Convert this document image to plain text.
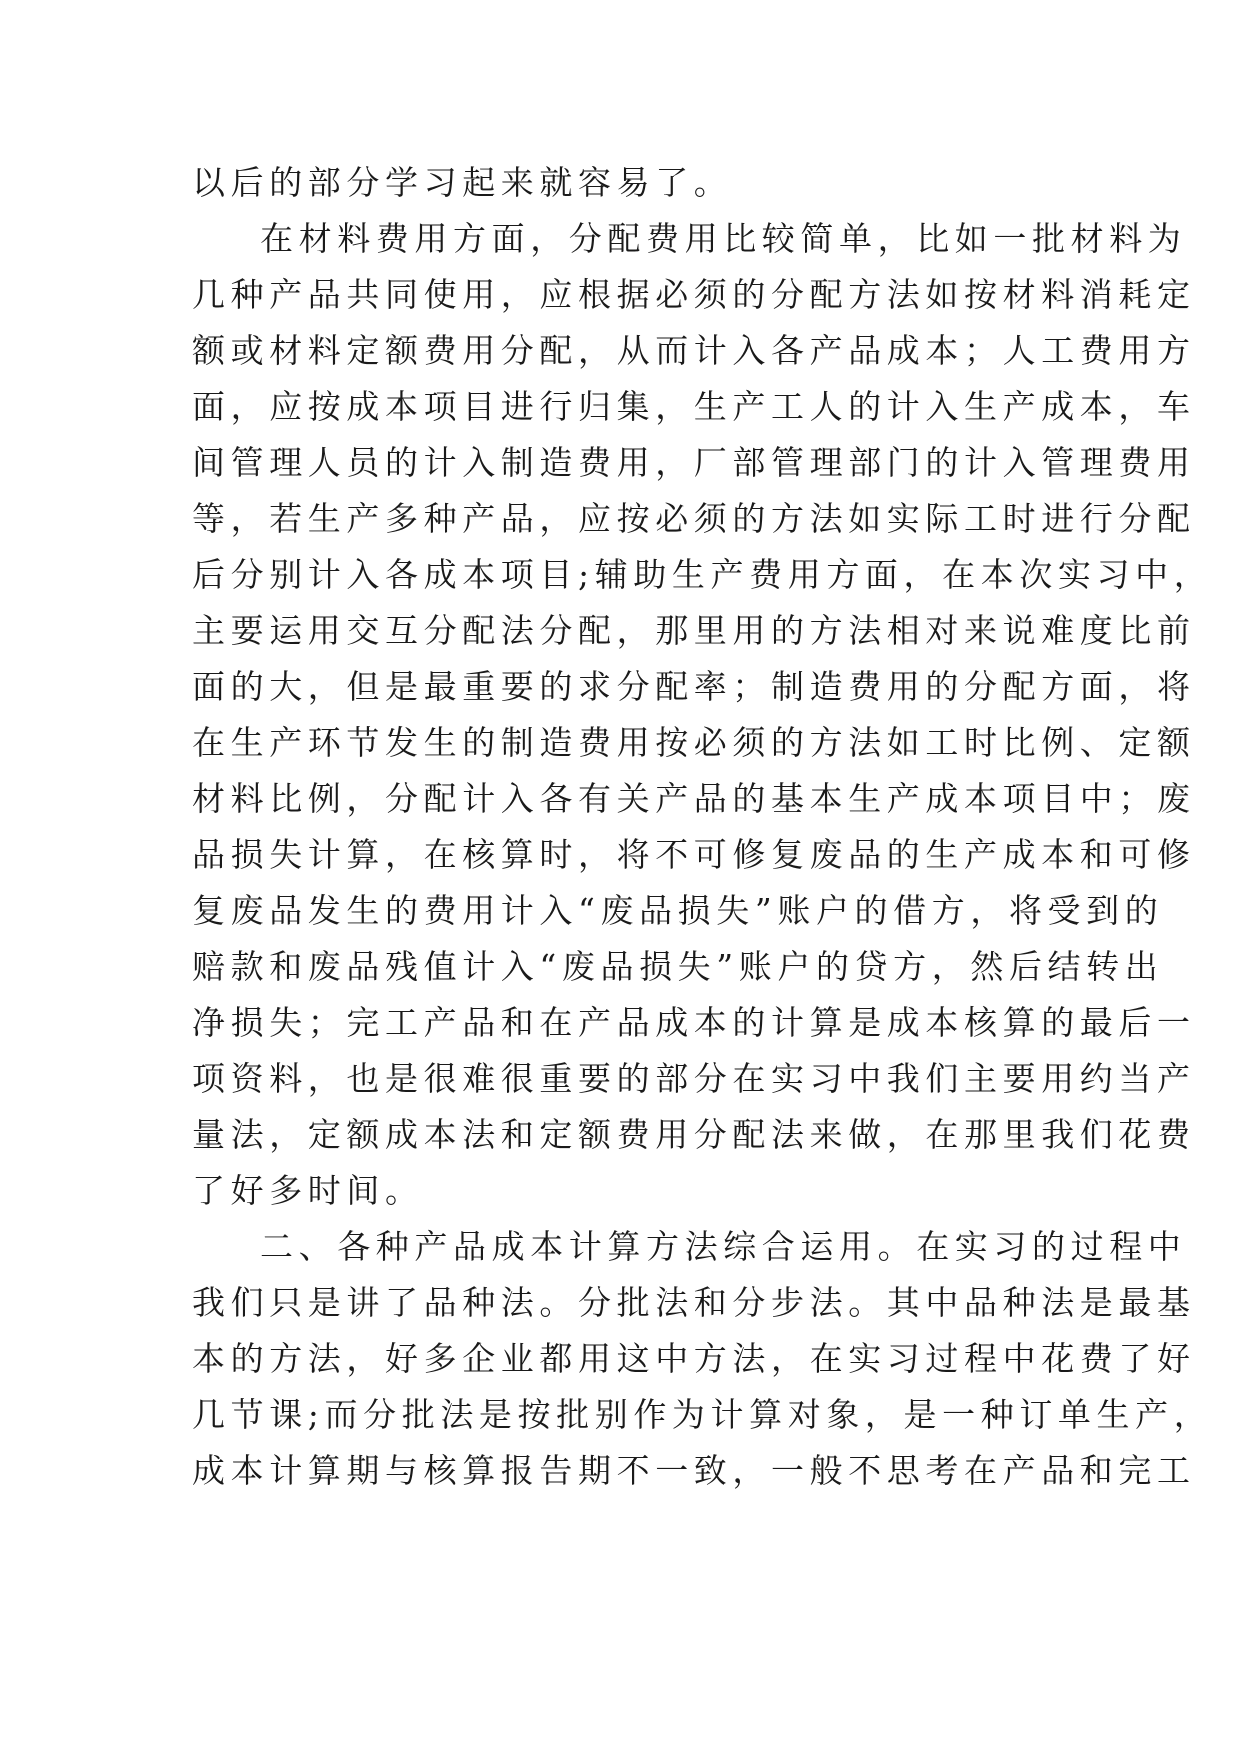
以后的部分学习起来就容易了。
在材料费用方面，分配费用比较简单，比如一批材料为
几种产品共同使用，应根据必须的分配方法如按材料消耗定
额或材料定额费用分配，从而计入各产品成本；人工费用方
面，应按成本项目进行归集，生产工人的计入生产成本，车
间管理人员的计入制造费用，厂部管理部门的计入管理费用
等，若生产多种产品，应按必须的方法如实际工时进行分配
后分别计入各成本项目;辅助生产费用方面，在本次实习中，
主要运用交互分配法分配，那里用的方法相对来说难度比前
面的大，但是最重要的求分配率；制造费用的分配方面，将
在生产环节发生的制造费用按必须的方法如工时比例、定额
材料比例，分配计入各有关产品的基本生产成本项目中；废
品损失计算，在核算时，将不可修复废品的生产成本和可修
复废品发生的费用计入“废品损失”账户的借方，将受到的
赔款和废品残值计入“废品损失”账户的贷方，然后结转出
净损失；完工产品和在产品成本的计算是成本核算的最后一
项资料，也是很难很重要的部分在实习中我们主要用约当产
量法，定额成本法和定额费用分配法来做，在那里我们花费
了好多时间。
二、各种产品成本计算方法综合运用。在实习的过程中
我们只是讲了品种法。分批法和分步法。其中品种法是最基
本的方法，好多企业都用这中方法，在实习过程中花费了好
几节课;而分批法是按批别作为计算对象，是一种订单生产，
成本计算期与核算报告期不一致，一般不思考在产品和完工
